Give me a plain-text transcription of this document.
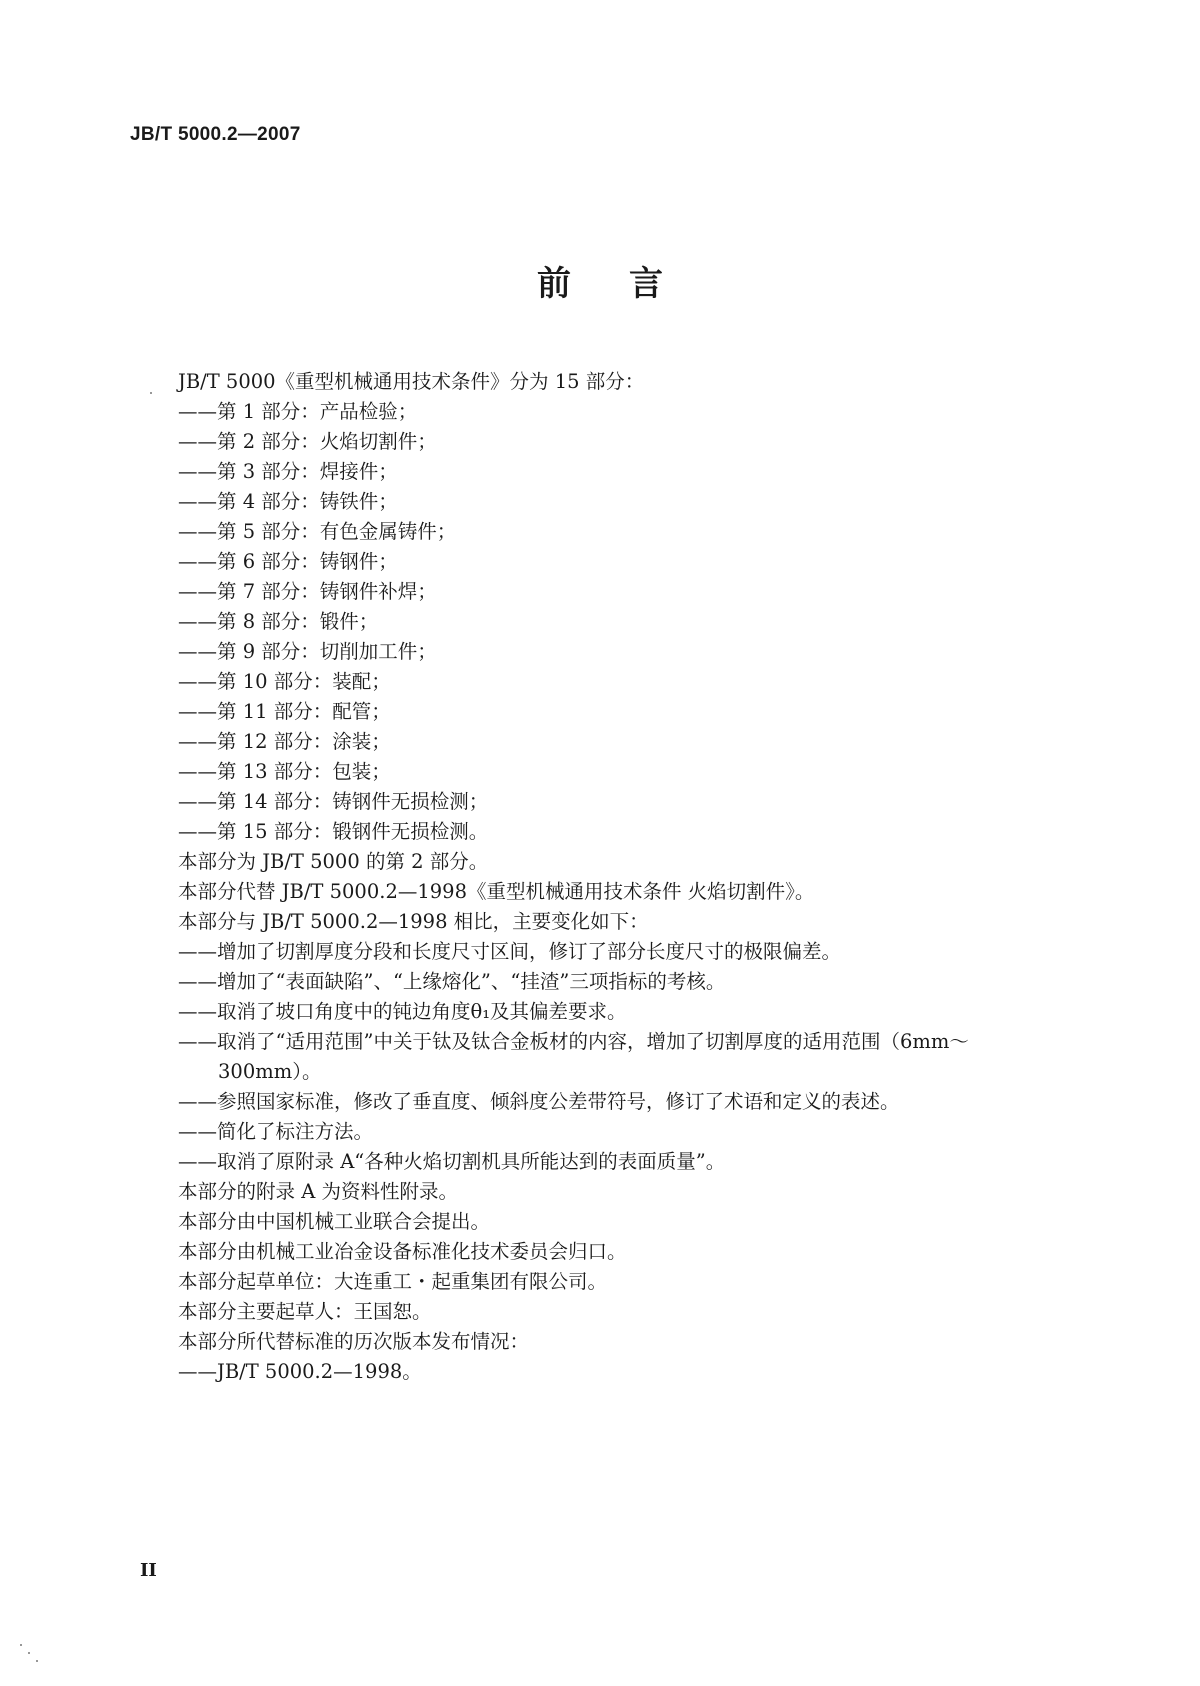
JB/T 5000.2—2007
前言
JB/T 5000《重型机械通用技术条件》分为 15 部分：
——第 1 部分：产品检验；
——第 2 部分：火焰切割件；
——第 3 部分：焊接件；
——第 4 部分：铸铁件；
——第 5 部分：有色金属铸件；
——第 6 部分：铸钢件；
——第 7 部分：铸钢件补焊；
——第 8 部分：锻件；
——第 9 部分：切削加工件；
——第 10 部分：装配；
——第 11 部分：配管；
——第 12 部分：涂装；
——第 13 部分：包装；
——第 14 部分：铸钢件无损检测；
——第 15 部分：锻钢件无损检测。
本部分为 JB/T 5000 的第 2 部分。
本部分代替 JB/T 5000.2—1998《重型机械通用技术条件 火焰切割件》。
本部分与 JB/T 5000.2—1998 相比，主要变化如下：
——增加了切割厚度分段和长度尺寸区间，修订了部分长度尺寸的极限偏差。
——增加了“表面缺陷”、“上缘熔化”、“挂渣”三项指标的考核。
——取消了坡口角度中的钝边角度θ₁及其偏差要求。
——取消了“适用范围”中关于钛及钛合金板材的内容，增加了切割厚度的适用范围（6mm～
300mm）。
——参照国家标准，修改了垂直度、倾斜度公差带符号，修订了术语和定义的表述。
——简化了标注方法。
——取消了原附录 A“各种火焰切割机具所能达到的表面质量”。
本部分的附录 A 为资料性附录。
本部分由中国机械工业联合会提出。
本部分由机械工业冶金设备标准化技术委员会归口。
本部分起草单位：大连重工・起重集团有限公司。
本部分主要起草人：王国恕。
本部分所代替标准的历次版本发布情况：
——JB/T 5000.2—1998。
II
